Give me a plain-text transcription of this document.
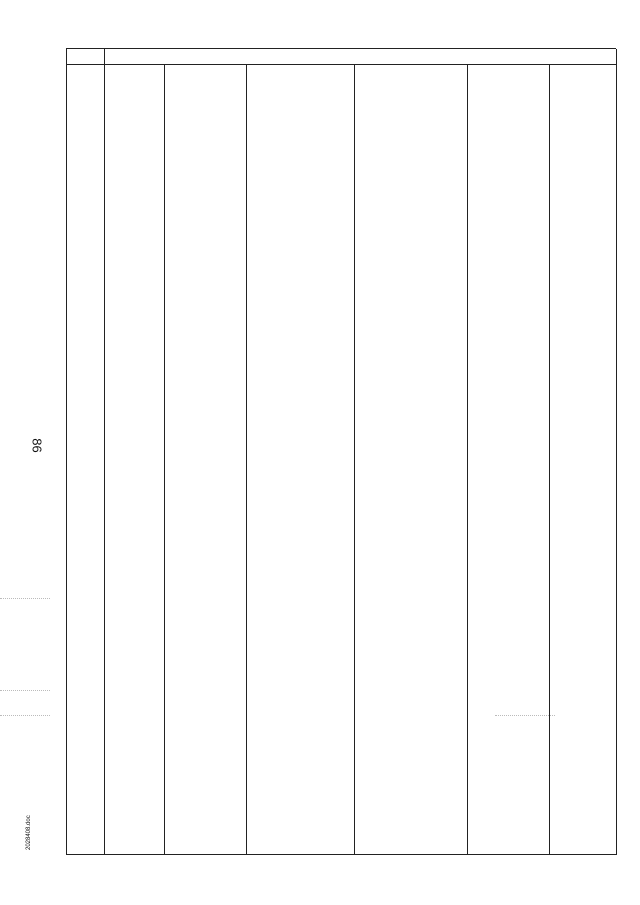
86
2028408.doc
